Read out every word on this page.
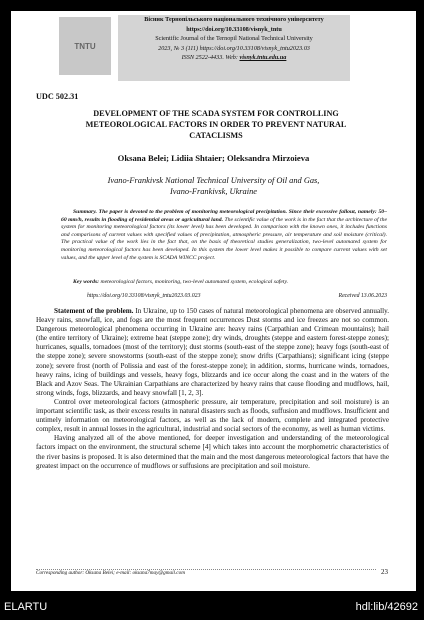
TNTU
Вісник Тернопільського національного технічного університету
https://doi.org/10.33108/visnyk_tntu
Scientific Journal of the Ternopil National Technical University
2023, № 3 (111) https://doi.org/10.33108/visnyk_tntu2023.03
ISSN 2522-4433. Web: visnyk.tntu.edu.ua
UDC 502.31
DEVELOPMENT OF THE SCADA SYSTEM FOR CONTROLLING
METEOROLOGICAL FACTORS IN ORDER TO PREVENT NATURAL
CATACLISMS
Oksana Belei; Lidiia Shtaier; Oleksandra Mirzoieva
Ivano-Frankivsk National Technical University of Oil and Gas,
Ivano-Frankivsk, Ukraine
Summary. The paper is devoted to the problem of monitoring meteorological precipitation. Since their excessive fallout, namely: 50–60 mm/h, results in flooding of residential areas or agricultural land. The scientific value of the work is in the fact that the architecture of the system for monitoring meteorological factors (its lower level) has been developed. In comparison with the known ones, it includes functions and comparisons of current values with specified values of precipitation, atmospheric pressure, air temperature and soil moisture (critical). The practical value of the work lies in the fact that, on the basis of theoretical studies generalization, two-level automated system for monitoring meteorological factors has been developed. In this system the lower level makes it possible to compare current values with set values, and the upper level of the system is SCADA WINCC project.
Key words: meteorological factors, monitoring, two-level automated system, ecological safety.
https://doi.org/10.33108/visnyk_tntu2023.03.023	Received 13.06.2023

Statement of the problem. In Ukraine, up to 150 cases of natural meteorological phenomena are observed annually. Heavy rains, snowfall, ice, and fogs are the most frequent occurrences Dust storms and ice freezes are not so common. Dangerous meteorological phenomena occurring in Ukraine are: heavy rains (Carpathian and Crimean mountains); hail (the entire territory of Ukraine); extreme heat (steppe zone); dry winds, droughts (steppe and eastern forest-steppe zones); hurricanes, squalls, tornadoes (most of the territory); dust storms (south-east of the steppe zone); heavy fogs (south-east of the steppe zone); severe snowstorms (south-east of the steppe zone); snow drifts (Carpathians); significant icing (steppe zone); severe frost (north of Polissia and east of the forest-steppe zone); in addition, storms, hurricane winds, tornadoes, heavy rains, icing of buildings and vessels, heavy fogs, blizzards and ice occur along the coast and in the waters of the Black and Azov Seas. The Ukrainian Carpathians are characterized by heavy rains that cause flooding and mudflows, hail, strong winds, fogs, blizzards, and heavy snowfall [1, 2, 3].

Control over meteorological factors (atmospheric pressure, air temperature, precipitation and soil moisture) is an important scientific task, as their excess results in natural disasters such as floods, suffusion and mudflows. Insufficient and untimely information on meteorological factors, as well as the lack of modern, complete and integrated protective complex, result in annual losses in the agricultural, industrial and social sectors of the economy, as well as human victims.

Having analyzed all of the above mentioned, for deeper investigation and understanding of the meteorological factors impact on the environment, the structural scheme [4] which takes into account the morphometric characteristics of the river basins is proposed. It is also determined that the main and the most dangerous meteorological factors that have the greatest impact on the occurrence of mudflows or suffusions are precipitation and soil moisture.

Corresponding author: Oksana Belei; e-mail: oksana7may@gmail.com	23
ELARTU	hdl:lib/42692
